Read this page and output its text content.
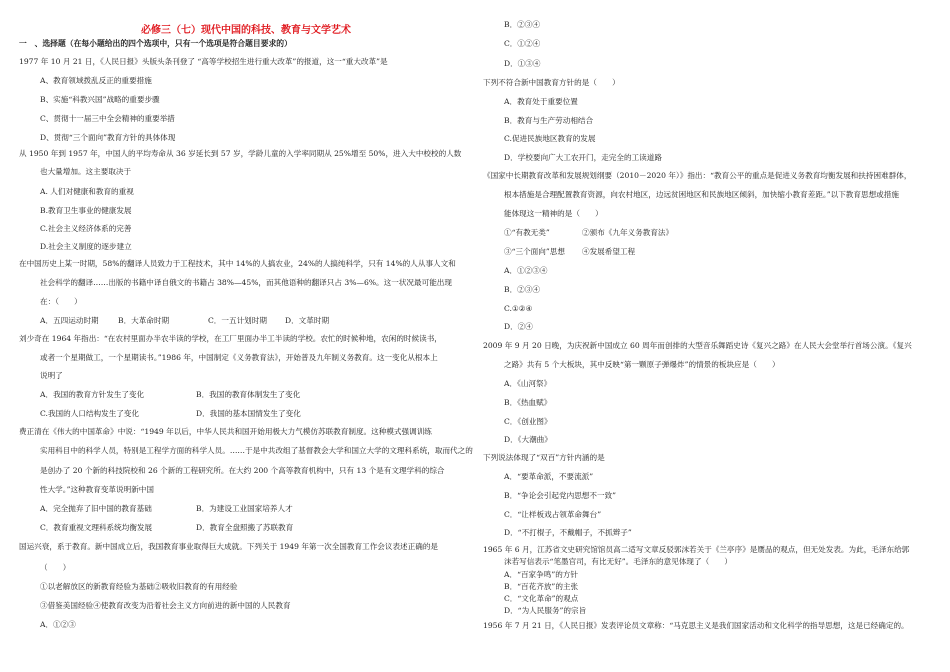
必修三（七）现代中国的科技、教育与文学艺术
一　、选择题（在每小题给出的四个选项中，只有一个选项是符合题目要求的）
1977 年 10 月 21 日，《人民日报》头版头条刊登了 “高等学校招生进行重大改革”的报道，这一“重大改革”是
A、教育领域拨乱反正的重要措施
B、实施“科教兴国”战略的重要步骤
C、贯彻十一届三中全会精神的重要举措
D、贯彻“三个面向”教育方针的具体体现
从 1950 年到 1957 年，中国人的平均寿命从 36 岁延长到 57 岁，学龄儿童的入学率同期从 25%增至 50%，进入大中校校的人数
也大量增加。这主要取决于
A. 人们对健康和教育的重视
B.教育卫生事业的健康发展
C.社会主义经济体系的完善
D.社会主义制度的逐步建立
在中国历史上某一时期，58%的翻译人员致力于工程技术，其中 14%的人搞农业，24%的人搞纯科学，只有 14%的人从事人文和
社会科学的翻译……出版的书籍中译自俄文的书籍占 38%—45%，而其他语种的翻译只占 3%—6%。这一状况最可能出现
在：（　　）
A．五四运动时期	B．大革命时期	C．一五计划时期 D．文革时期
刘少奇在 1964 年指出：“在农村里面办半农半读的学校，在工厂里面办半工半读的学校。农忙的时候种地，农闲的时候读书，
或者一个星期做工，一个星期读书。”1986 年，中国制定《义务教育法》，开始普及九年制义务教育。这一变化从根本上
说明了
A．我国的教育方针发生了变化	B．我国的教育体制发生了变化
C.我国的人口结构发生了变化	D．我国的基本国情发生了变化
费正清在《伟大的中国革命》中说：“1949 年以后，中华人民共和国开始用极大力气模仿苏联教育制度。这种模式强调训练
实用科目中的科学人员，特别是工程学方面的科学人员。……于是中共改组了基督教会大学和国立大学的文理科系统，取而代之的
是创办了 20 个新的科技院校和 26 个新的工程研究所。在大约 200 个高等教育机构中，只有 13 个是有文理学科的综合
性大学。”这种教育变革说明新中国
A．完全抛弃了旧中国的教育基础	B．为建设工业国家培养人才
C．教育重视文理科系统均衡发展	D．教育全盘照搬了苏联教育
国运兴衰，系于教育。新中国成立后，我国教育事业取得巨大成就。下列关于 1949 年第一次全国教育工作会议表述正确的是
（　　）
①以老解放区的新教育经验为基础②吸收旧教育的有用经验
③借鉴美国经验④使教育改变为沿着社会主义方向前进的新中国的人民教育
A．①②③
B．②③④
C．①②④
D．①③④
下列不符合新中国教育方针的是（　　）
A．教育处于重要位置
B．教育与生产劳动相结合
C.促进民族地区教育的发展
D．学校要向广大工农开门，走完全的工读道路
《国家中长期教育改革和发展规划纲要（2010－2020 年）》指出：“教育公平的重点是促进义务教育均衡发展和扶持困难群体，
根本措施是合理配置教育资源，向农村地区，边远贫困地区和民族地区倾斜，加快缩小教育差距。”以下教育思想或措施
能体现这一精神的是（　　）
①“有教无类”	②颁布《九年义务教育法》
③“三个面向”思想 ④发展希望工程
A．①②③④
B．②③④
C.①②④
D．②④
2009 年 9 月 20 日晚，为庆祝新中国成立 60 周年而创排的大型音乐舞蹈史诗《复兴之路》在人民大会堂举行首场公演。《复兴
之路》共有 5 个大板块，其中反映“第一颗原子弹爆炸”的情景的板块应是（　　）
A．《山河祭》
B．《热血赋》
C．《创业图》
D．《大潮曲》
下列说法体现了“双百”方针内涵的是
A．“要革命派，不要流派”
B．“争论会引起党内思想不一致”
C．“让样板戏占领革命舞台”
D．“不打棍子，不戴帽子，不抓辫子”
1965 年 6 月，江苏省文史研究馆馆员高二适写文章反驳郭沫若关于《兰亭序》是赝品的观点，但无处发表。为此，毛泽东给郭
沫若写信表示“笔墨官司，有比无好”。毛泽东的意见体现了（　　）
A．“百家争鸣”的方针
B．“百花齐放”的主张
C．“文化革命”的观点
D．“为人民服务”的宗旨
1956 年 7 月 21 日，《人民日报》发表评论员文章称：“马克思主义是我们国家活动和文化科学的指导思想，这是已经确定的。
